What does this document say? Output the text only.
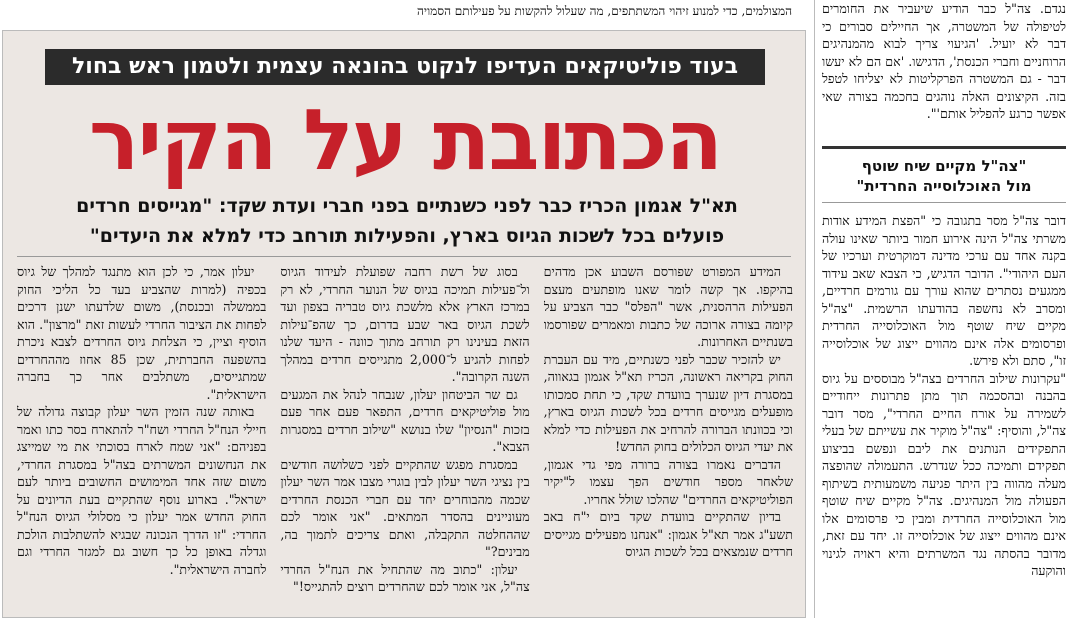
המצולמים, כדי למנוע זיהוי המשתתפים, מה שעלול להקשות על פעילותם הסמויה
בעוד פוליטיקאים העדיפו לנקוט בהונאה עצמית ולטמון ראש בחול
הכתובת על הקיר
תא"ל אגמון הכריז כבר לפני כשנתיים בפני חברי ועדת שקד: "מגייסים חרדים
פועלים בכל לשכות הגיוס בארץ, והפעילות תורחב כדי למלא את היעדים"

המידע המפורט שפורסם השבוע אכן מדהים בהיקפו. אך קשה לומר שאנו מופתעים מעצם הפעילות הרהסנית, אשר "הפלס" כבר הצביע על קיומה בצורה ארוכה של כתבות ומאמרים שפורסמו בשנתיים האחרונות.

יש להזכיר שכבר לפני כשנתיים, מיד עם העברת החוק בקריאה ראשונה, הכריז תא"ל אגמון בגאווה, במסגרת דיון שנערך בוועדת שקד, כי תחת סמכותו מופעלים מגייסים חרדים בכל לשכות הגיוס בארץ, וכי בכוונתו הברורה להרחיב את הפעילות כדי למלא את יעדי הגיוס הכלולים בחוק החדש!

הדברים נאמרו בצורה ברורה מפי גדי אגמון, שלאחר מספר חודשים הפך עצמו ל"יקיר הפוליטיקאים החרדים" שהלכו שולל אחריו.

בדיון שהתקיים בוועדת שקד ביום י"ח באב תשע"ג אמר תא"ל אגמון: "אנחנו מפעילים מגייסים חרדים שנמצאים בכל לשכות הגיוס

בסוג של רשת רחבה שפועלת לעידוד הגיוס ול־פעילות תמיכה בגיוס של הנוער החרדי, לא רק במרכז הארץ אלא מלשכת גיוס טבריה בצפון ועד לשכת הגיוס באר שבע בדרום, כך שהפ־עילות הזאת בעינינו רק תורחב מתוך כוונה - היעד שלנו לפחות להגיע ל־2,000 מתגייסים חרדים במהלך השנה הקרובה".

גם שר הביטחון יעלון, שנבחר לנהל את המגעים מול פוליטיקאים חרדים, התפאר פעם אחר פעם בזכות "הנסיון" שלו בנושא "שילוב חרדים במסגרות הצבא".

במסגרת מפגש שהתקיים לפני כשלושה חודשים בין נציגי השר יעלון לבין בוגרי מצבו אמר השר יעלון שכמה מהבוחרים יחד עם חברי הכנסת החרדים מעוניינים בהסדר המתאים. "אני אומר לכם שההחלטה התקבלה, ואתם צריכים לתמוך בה, מבינים?"

יעלון: "כתוב מה שהתחיל את הנח"ל החרדי צה"ל, אני אומר לכם שהחרדים רוצים להתגייס!"

יעלון אמר, כי לכן הוא מתנגד למהלך של גיוס בכפיה (למרות שהצביע בעד כל הליכי החוק בממשלה ובכנסת), משום שלדעתו ישנן דרכים לפחות את הציבור החרדי לעשות זאת "מרצון". הוא הוסיף וציין, כי הצלחת גיוס החרדים לצבא ניכרת בהשפעה החברתית, שכן 85 אחוז מההחרדים שמתגייסים, משתלבים אחר כך בחברה הישראלית".

באותה שנה הזמין השר יעלון קבוצה גדולה של חיילי הנח"ל החרדי ושח"ר להתארח בסר כתו ואמר בפניהם: "אני שמח לארח בסוכתי את מי שמייצג את הנחשונים המשרתים בצה"ל במסגרת החרדי, משום שזה אחד המימושים החשובים ביותר לעם ישראל". בארוע נוסף שהתקיים בעת הדיונים על החוק החדש אמר יעלון כי מסלולי הגיוס הנח"ל החרדי: "זו הדרך הנכונה שבגיא להשתלבות הולכת וגדלה באופן כל כך חשוב גם למגזר החרדי וגם לחברה הישראלית".

נגדם. צה"ל כבר הודיע שיעביר את החומרים לטיפולה של המשטרה, אך החיילים סבורים כי דבר לא יועיל. 'הגיעוי צריך לבוא מהמנהיגים הרוחניים וחברי הכנסת', הדגישו. 'אם הם לא יעשו דבר - גם המשטרה הפרקליטות לא יצליחו לטפל בזה. הקיצונים האלה נוהגים בחכמה בצורה שאי אפשר כרגע להפליל אותם'".

"צה"ל מקיים שיח שוטף
מול האוכלוסייה החרדית"

דובר צה"ל מסר בתגובה כי "הפצת המידע אודות משרתי צה"ל הינה אירוע חמור ביותר שאינו עולה בקנה אחד עם ערכי מדינה דמוקרטית וערכיו של העם היהודי". הדובר הדגיש, כי הצבא שאב עידוד ממגעים נסתרים שהוא עורך עם גורמים חרדיים, ומסרב לא נחשפה בהודעתו הרשמית. "צה"ל מקיים שיח שוטף מול האוכלוסייה החרדית ופרסומים אלה אינם מהווים ייצוג של אוכלוסייה זו", סתם ולא פירש.

"עקרונות שילוב החרדים בצה"ל מבוססים על גיוס בהבנה ובהסכמה תוך מתן פתרונות ייחודיים לשמירה על אורח החיים החרדי", מסר דובר צה"ל, והוסיף: "צה"ל מוקיר את עשייתם של בעלי התפקידים הנותנים את ליבם ונפשם בביצוע תפקידם ותמיכה ככל שנדרש. התעמולה שהופצה מעלה מהווה בין היתר פגיעה משמעותית בשיתוף הפעולה מול המנהיגים. צה"ל מקיים שיח שוטף מול האוכלוסייה החרדית ומבין כי פרסומים אלו אינם מהווים ייצוג של אוכלוסייה זו. יחד עם זאת, מדובר בהסתה נגד המשרתים והיא ראויה לגינוי והוקעה
